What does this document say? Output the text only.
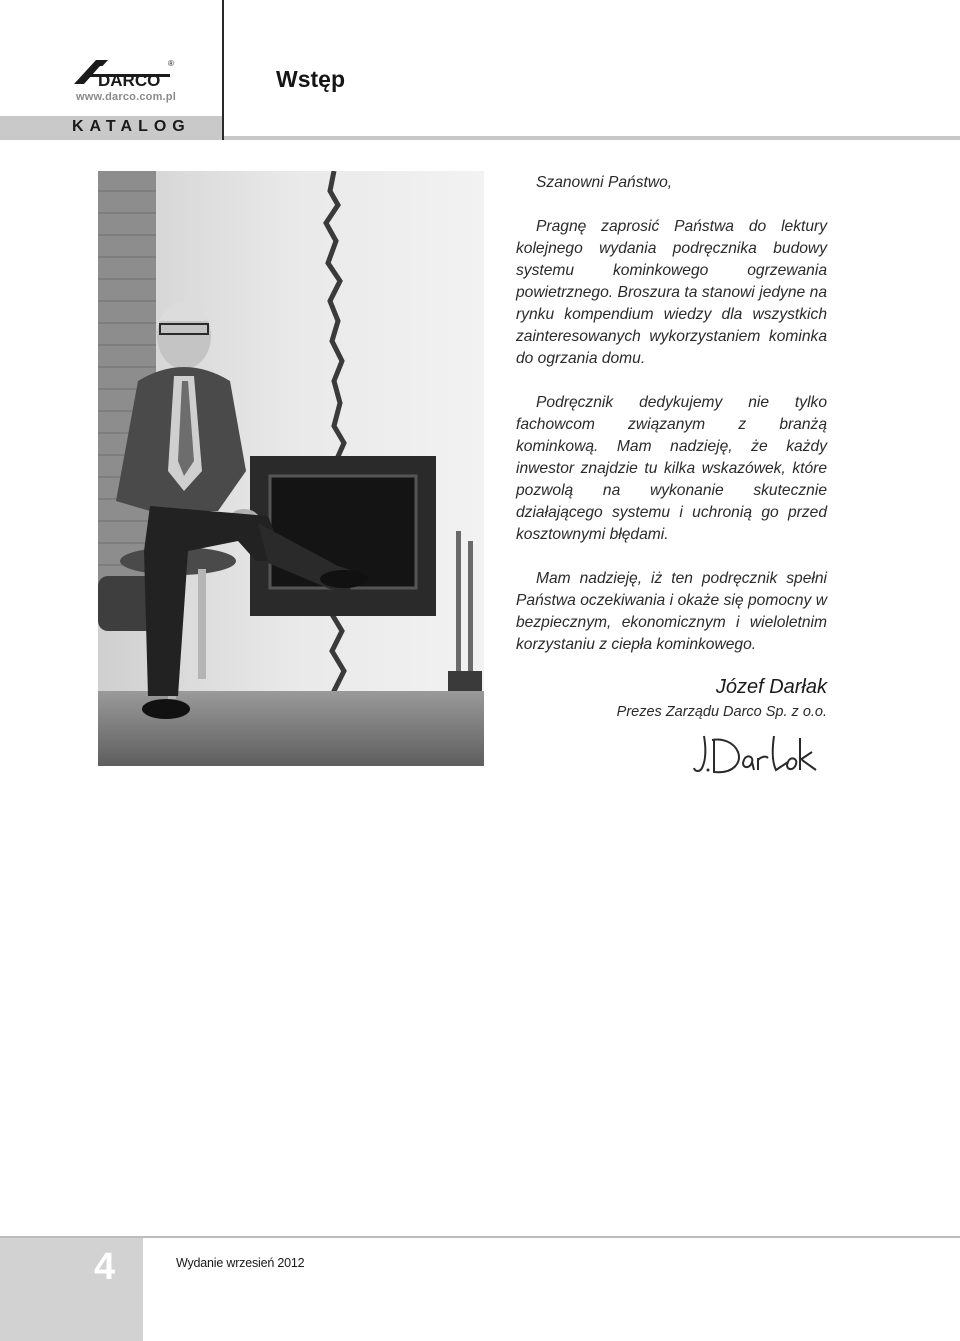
DARCO
®
www.darco.com.pl
KATALOG
Wstęp

Szanowni Państwo,

Pragnę zaprosić Państwa do lektury kolejnego wydania podręcznika budowy systemu kominkowego ogrzewania powietrznego. Broszura ta stanowi jedyne na rynku kompendium wiedzy dla wszystkich zainteresowanych wykorzystaniem kominka do ogrzania domu.

Podręcznik dedykujemy nie tylko fachowcom związanym z branżą kominkową. Mam nadzieję, że każdy inwestor znajdzie tu kilka wskazówek, które pozwolą na wykonanie skutecznie działającego systemu i uchronią go przed kosztownymi błędami.

Mam nadzieję, iż ten podręcznik spełni Państwa oczekiwania i okaże się pomocny w bezpiecznym, ekonomicznym i wieloletnim korzystaniu z ciepła kominkowego.

Józef Darłak
Prezes Zarządu Darco Sp. z o.o.
4	Wydanie wrzesień 2012
